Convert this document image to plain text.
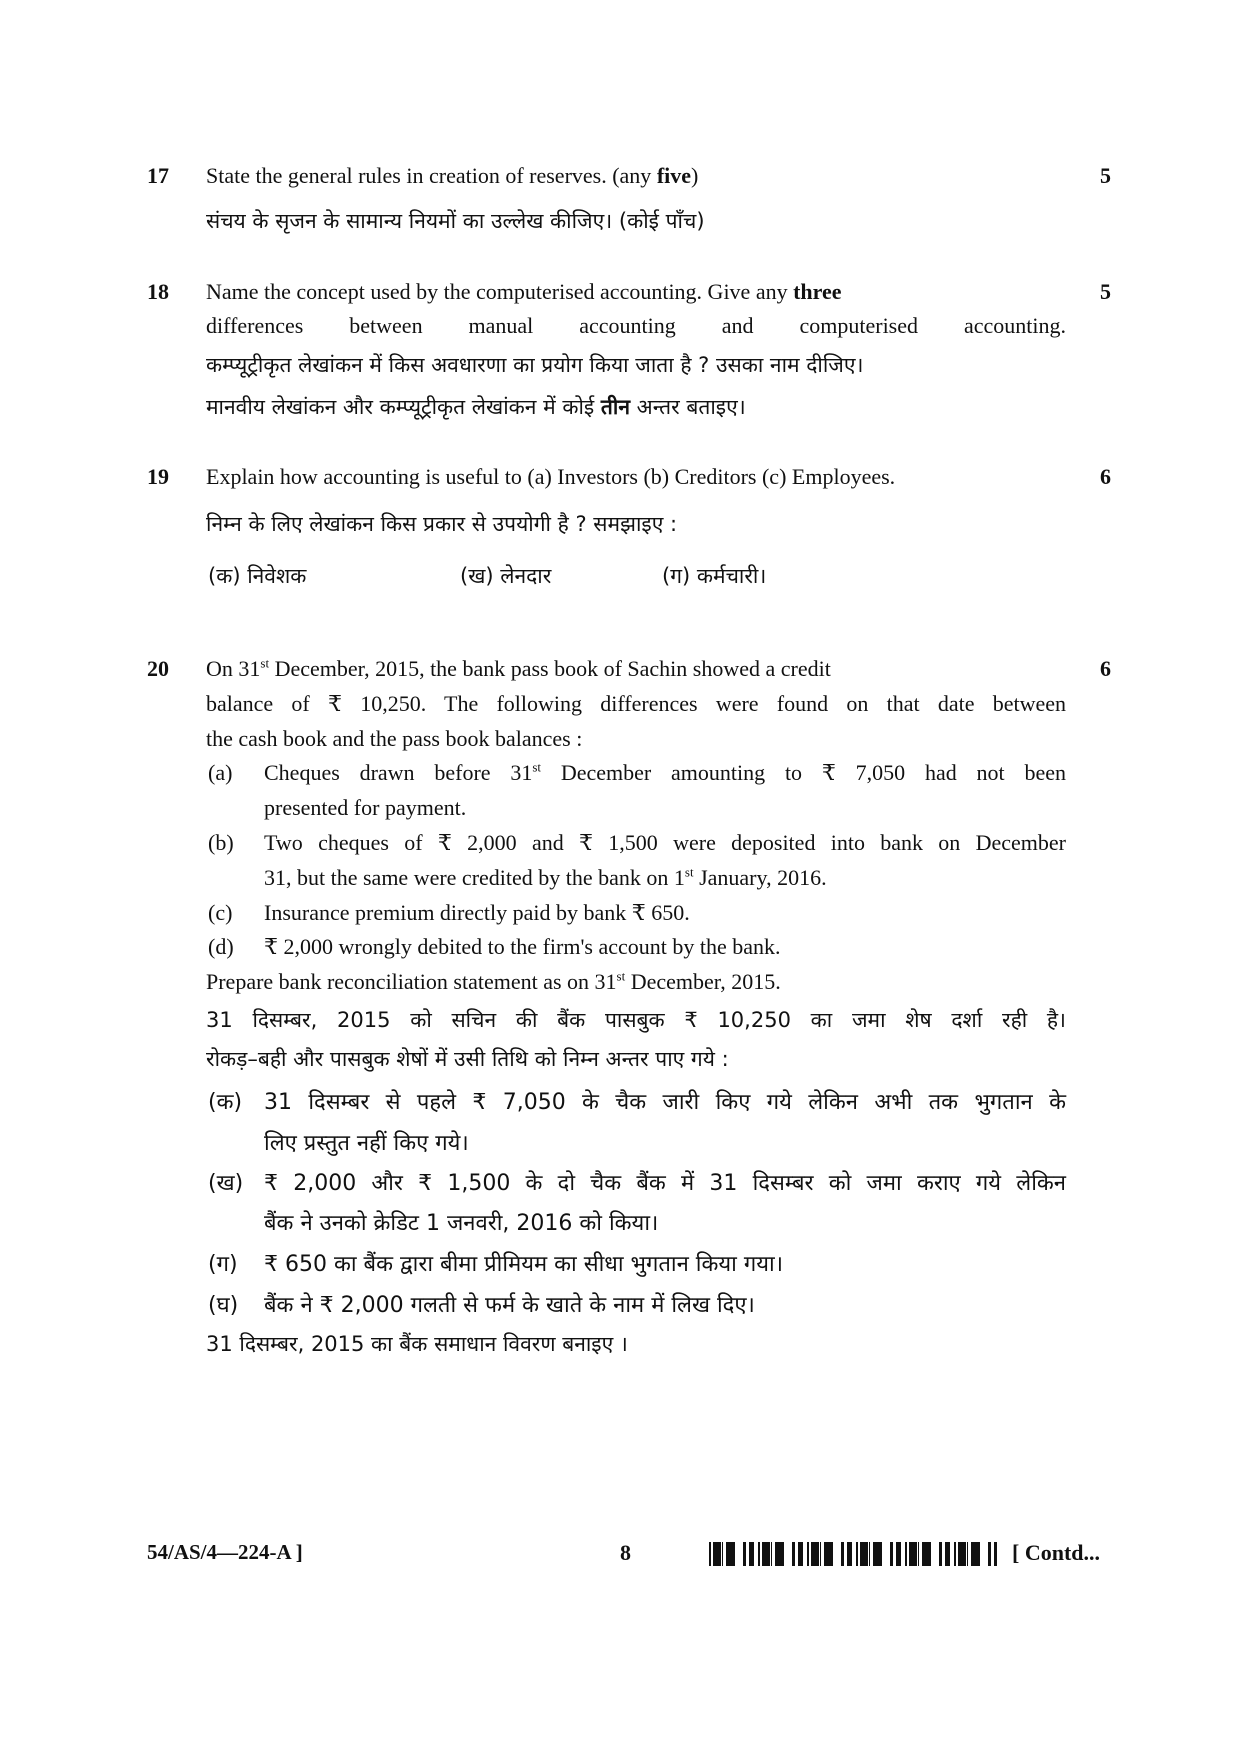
17	5
State the general rules in creation of reserves. (any five)
संचय के सृजन के सामान्य नियमों का उल्लेख कीजिए। (कोई पाँच)
18	5
Name the concept used by the computerised accounting. Give any three
differences between manual accounting and computerised accounting.
कम्प्यूट्रीकृत लेखांकन में किस अवधारणा का प्रयोग किया जाता है ? उसका नाम दीजिए।
मानवीय लेखांकन और कम्प्यूट्रीकृत लेखांकन में कोई तीन अन्तर बताइए।
19	6
Explain how accounting is useful to (a) Investors (b) Creditors (c) Employees.
निम्न के लिए लेखांकन किस प्रकार से उपयोगी है ? समझाइए :
(क) निवेशक	(ख) लेनदार	(ग) कर्मचारी।
20	6
On 31st December, 2015, the bank pass book of Sachin showed a credit
balance of ₹ 10,250. The following differences were found on that date between
the cash book and the pass book balances :
(a) Cheques drawn before 31st December amounting to ₹ 7,050 had not been
presented for payment.
(b) Two cheques of ₹ 2,000 and ₹ 1,500 were deposited into bank on December
31, but the same were credited by the bank on 1st January, 2016.
(c) Insurance premium directly paid by bank ₹ 650.
(d) ₹ 2,000 wrongly debited to the firm's account by the bank.
Prepare bank reconciliation statement as on 31st December, 2015.
31 दिसम्बर, 2015 को सचिन की बैंक पासबुक ₹ 10,250 का जमा शेष दर्शा रही है।
रोकड़–बही और पासबुक शेषों में उसी तिथि को निम्न अन्तर पाए गये :
(क) 31 दिसम्बर से पहले ₹ 7,050 के चैक जारी किए गये लेकिन अभी तक भुगतान के
लिए प्रस्तुत नहीं किए गये।
(ख) ₹ 2,000 और ₹ 1,500 के दो चैक बैंक में 31 दिसम्बर को जमा कराए गये लेकिन
बैंक ने उनको क्रेडिट 1 जनवरी, 2016 को किया।
(ग) ₹ 650 का बैंक द्वारा बीमा प्रीमियम का सीधा भुगतान किया गया।
(घ) बैंक ने ₹ 2,000 गलती से फर्म के खाते के नाम में लिख दिए।
31 दिसम्बर, 2015 का बैंक समाधान विवरण बनाइए ।
54/AS/4—224-A ]	8	[ Contd...
